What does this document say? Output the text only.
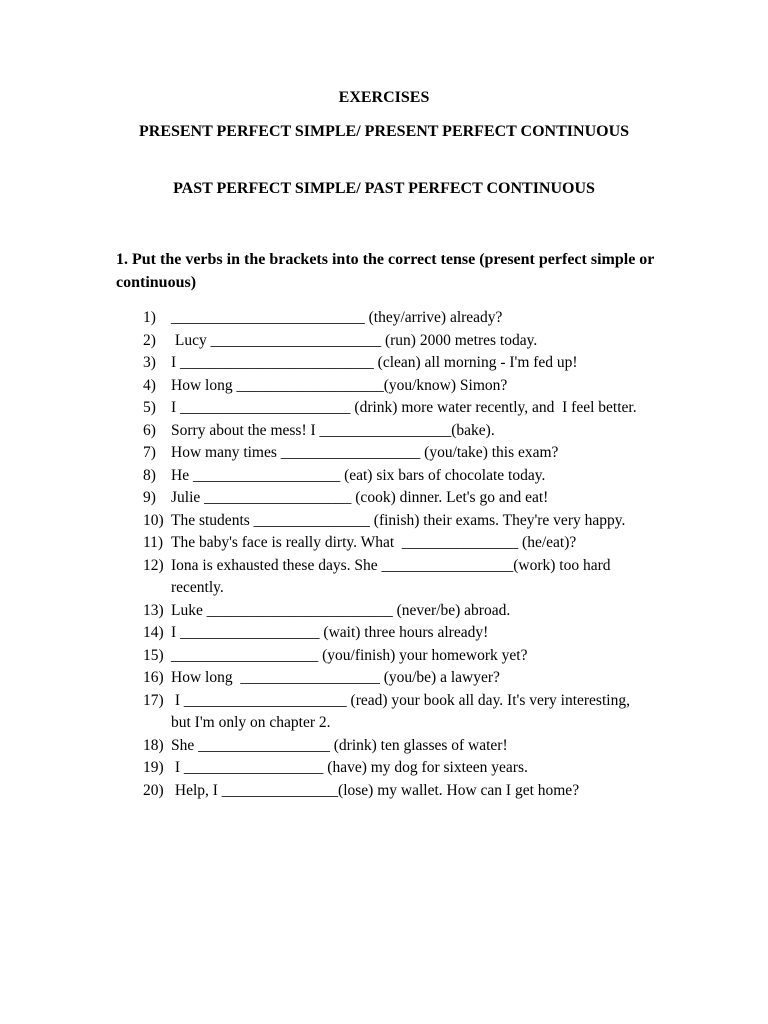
EXERCISES
PRESENT PERFECT SIMPLE/ PRESENT PERFECT CONTINUOUS
PAST PERFECT SIMPLE/ PAST PERFECT CONTINUOUS
1. Put the verbs in the brackets into the correct tense (present perfect simple or continuous)
1) _________________________ (they/arrive) already?
2) Lucy ______________________ (run) 2000 metres today.
3) I _________________________ (clean) all morning - I'm fed up!
4) How long ___________________(you/know) Simon?
5) I ______________________ (drink) more water recently, and  I feel better.
6) Sorry about the mess! I _________________(bake).
7) How many times __________________ (you/take) this exam?
8) He ___________________ (eat) six bars of chocolate today.
9) Julie ___________________ (cook) dinner. Let's go and eat!
10) The students _______________ (finish) their exams. They're very happy.
11) The baby's face is really dirty. What  _______________ (he/eat)?
12) Iona is exhausted these days. She _________________(work) too hard recently.
13) Luke ________________________ (never/be) abroad.
14) I __________________ (wait) three hours already!
15) ___________________ (you/finish) your homework yet?
16) How long  __________________ (you/be) a lawyer?
17) I _____________________ (read) your book all day. It's very interesting, but I'm only on chapter 2.
18) She _________________ (drink) ten glasses of water!
19) I __________________ (have) my dog for sixteen years.
20) Help, I _______________(lose) my wallet. How can I get home?
